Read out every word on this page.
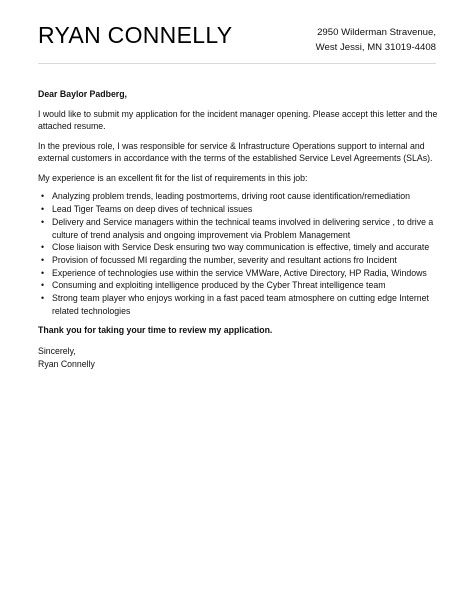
RYAN CONNELLY	2950 Wilderman Stravenue,
West Jessi, MN 31019-4408

Dear Baylor Padberg,

I would like to submit my application for the incident manager opening. Please accept this letter and the attached resume.

In the previous role, I was responsible for service & Infrastructure Operations support to internal and external customers in accordance with the terms of the established Service Level Agreements (SLAs).

My experience is an excellent fit for the list of requirements in this job:

• Analyzing problem trends, leading postmortems, driving root cause identification/remediation
• Lead Tiger Teams on deep dives of technical issues
• Delivery and Service managers within the technical teams involved in delivering service , to drive a culture of trend analysis and ongoing improvement via Problem Management
• Close liaison with Service Desk ensuring two way communication is effective, timely and accurate
• Provision of focussed MI regarding the number, severity and resultant actions fro Incident
• Experience of technologies use within the service VMWare, Active Directory, HP Radia, Windows
• Consuming and exploiting intelligence produced by the Cyber Threat intelligence team
• Strong team player who enjoys working in a fast paced team atmosphere on cutting edge Internet related technologies

Thank you for taking your time to review my application.

Sincerely,
Ryan Connelly
